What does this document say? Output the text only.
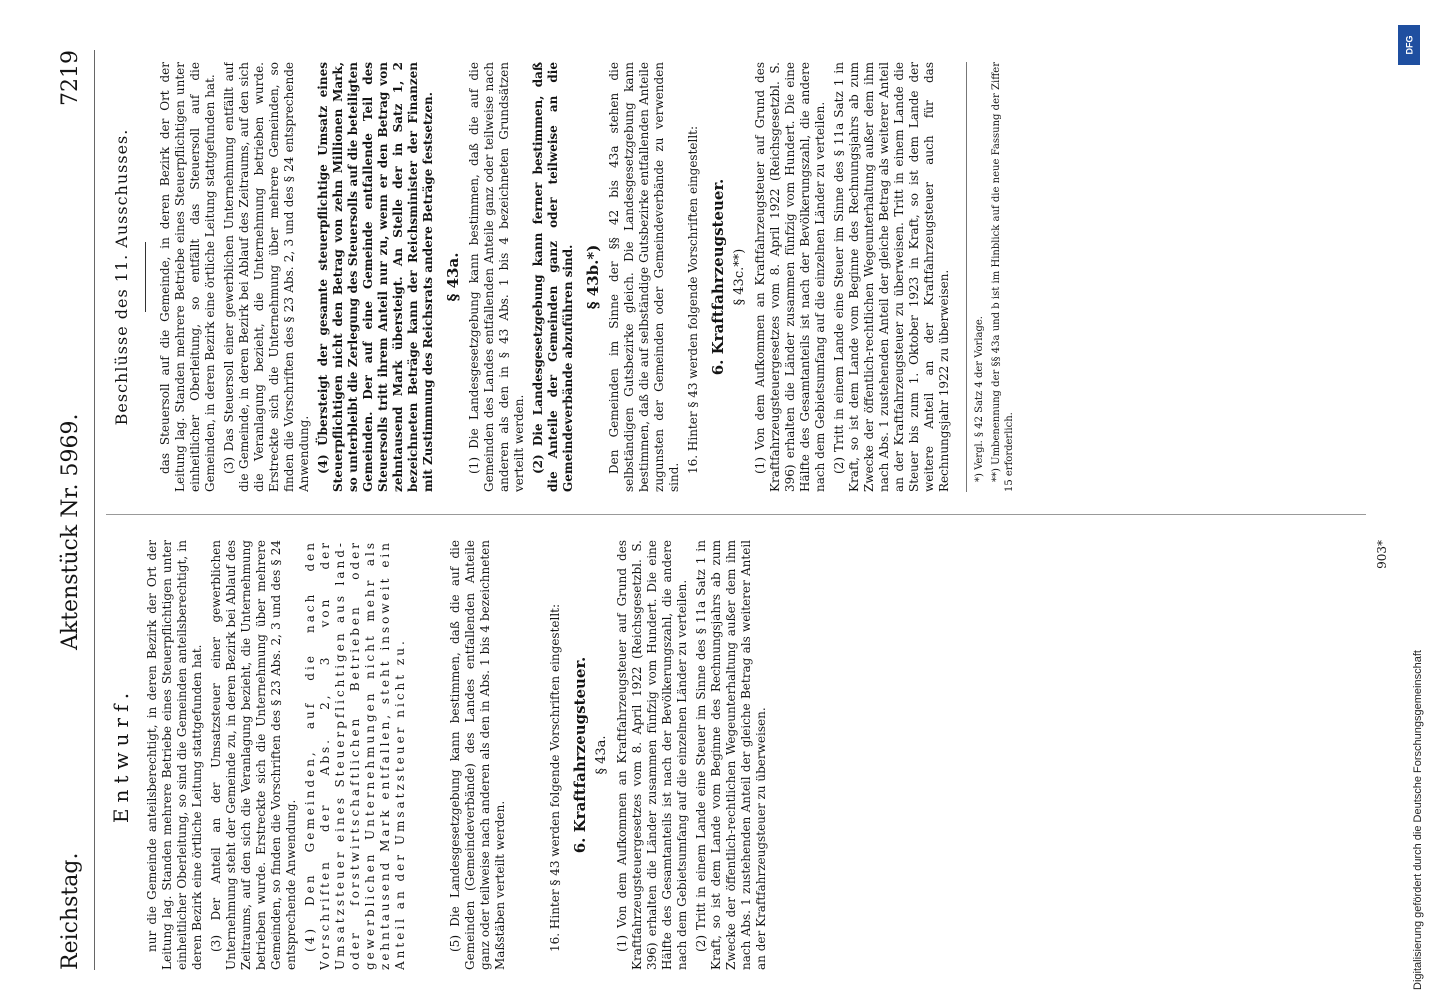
Reichstag.
Aktenstück Nr. 5969.
7219
Entwurf. nur die Gemeinde anteilsberechtigt, in deren Bezirk der Ort der Leitung lag. Standen mehrere Betriebe eines Steuerpflichtigen unter einheitlicher Oberleitung, so sind die Gemeinden anteilsberechtigt, in deren Bezirk eine örtliche Leitung stattgefunden hat. (3) Der Anteil an der Umsatzsteuer einer gewerblichen Unternehmung steht der Gemeinde zu, in deren Bezirk bei Ablauf des Zeitraums, auf den sich die Veranlagung bezieht, die Unternehmung betrieben wurde. Erstreckte sich die Unternehmung über mehrere Gemeinden, so finden die Vorschriften des § 23 Abs. 2, 3 und des § 24 entsprechende Anwendung. (4) Den Gemeinden, auf die nach den Vorschriften der Abs. 2, 3 von der Umsatzsteuer eines Steuerpflichtigen aus land- oder forstwirtschaftlichen Betrieben oder gewerblichen Unternehmungen nicht mehr als zehntausend Mark entfallen, steht insoweit ein Anteil an der Umsatzsteuer nicht zu.	(5) Die Landesgesetzgebung kann bestimmen, daß die auf die Gemeinden (Gemeindeverbände) des Landes entfallenden Anteile ganz oder teilweise nach anderen als den in Abs. 1 bis 4 bezeichneten Maßstäben verteilt werden.	16. Hinter § 43 werden folgende Vorschriften eingestellt: 6. Kraftfahrzeugsteuer. § 43a. (1) Von dem Aufkommen an Kraftfahrzeugsteuer auf Grund des Kraftfahrzeugsteuergesetzes vom 8. April 1922 (Reichsgesetzbl. S. 396) erhalten die Länder zusammen fünfzig vom Hundert. Die eine Hälfte des Gesamtanteils ist nach der Bevölkerungszahl, die andere nach dem Gebietsumfang auf die einzelnen Länder zu verteilen. (2) Tritt in einem Lande eine Steuer im Sinne des § 11a Satz 1 in Kraft, so ist dem Lande vom Beginne des Rechnungsjahrs ab zum Zwecke der öffentlich-rechtlichen Wegeunterhaltung außer dem ihm nach Abs. 1 zustehenden Anteil der gleiche Betrag als weiterer Anteil an der Kraftfahrzeugsteuer zu überweisen.

Beschlüsse des 11. Ausschusses. das Steuersoll auf die Gemeinde, in deren Bezirk der Ort der Leitung lag. Standen mehrere Betriebe eines Steuerpflichtigen unter einheitlicher Oberleitung, so entfällt das Steuersoll auf die Gemeinden, in deren Bezirk eine örtliche Leitung stattgefunden hat. (3) Das Steuersoll einer gewerblichen Unternehmung entfällt auf die Gemeinde, in deren Bezirk bei Ablauf des Zeitraums, auf den sich die Veranlagung bezieht, die Unternehmung betrieben wurde. Erstreckte sich die Unternehmung über mehrere Gemeinden, so finden die Vorschriften des § 23 Abs. 2, 3 und des § 24 entsprechende Anwendung. (4) Übersteigt der gesamte steuerpflichtige Umsatz eines Steuerpflichtigen nicht den Betrag von zehn Millionen Mark, so unterbleibt die Zerlegung des Steuersolls auf die beteiligten Gemeinden. Der auf eine Gemeinde entfallende Teil des Steuersolls tritt ihrem Anteil nur zu, wenn er den Betrag von zehntausend Mark übersteigt. An Stelle der in Satz 1, 2 bezeichneten Beträge kann der Reichsminister der Finanzen mit Zustimmung des Reichsrats andere Beträge festsetzen. § 43a. (1) Die Landesgesetzgebung kann bestimmen, daß die auf die Gemeinden des Landes entfallenden Anteile ganz oder teilweise nach anderen als den in § 43 Abs. 1 bis 4 bezeichneten Grundsätzen verteilt werden. (2) Die Landesgesetzgebung kann ferner bestimmen, daß die Anteile der Gemeinden ganz oder teilweise an die Gemeindeverbände abzuführen sind. § 43b.*) Den Gemeinden im Sinne der §§ 42 bis 43a stehen die selbständigen Gutsbezirke gleich. Die Landesgesetzgebung kann bestimmen, daß die auf selbständige Gutsbezirke entfallenden Anteile zugunsten der Gemeinden oder Gemeindeverbände zu verwenden sind.

16. Hinter § 43 werden folgende Vorschriften eingestellt: 6. Kraftfahrzeugsteuer. § 43c.**) (1) Von dem Aufkommen an Kraftfahrzeugsteuer auf Grund des Kraftfahrzeugsteuergesetzes vom 8. April 1922 (Reichsgesetzbl. S. 396) erhalten die Länder zusammen fünfzig vom Hundert. Die eine Hälfte des Gesamtanteils ist nach der Bevölkerungszahl, die andere nach dem Gebietsumfang auf die einzelnen Länder zu verteilen. (2) Tritt in einem Lande eine Steuer im Sinne des § 11a Satz 1 in Kraft, so ist dem Lande vom Beginne des Rechnungsjahrs ab zum Zwecke der öffentlich-rechtlichen Wegeunterhaltung außer dem ihm nach Abs. 1 zustehenden Anteil der gleiche Betrag als weiterer Anteil an der Kraftfahrzeugsteuer zu überweisen. Tritt in einem Lande die Steuer bis zum 1. Oktober 1923 in Kraft, so ist dem Lande der weitere Anteil an der Kraftfahrzeugsteuer auch für das Rechnungsjahr 1922 zu überweisen. *) Vergl. § 42 Satz 4 der Vorlage. **) Umbenennung der §§ 43a und b ist im Hinblick auf die neue Fassung der Ziffer 15 erforderlich.

903*
DFG
Digitalisierung gefördert durch die Deutsche Forschungsgemeinschaft
